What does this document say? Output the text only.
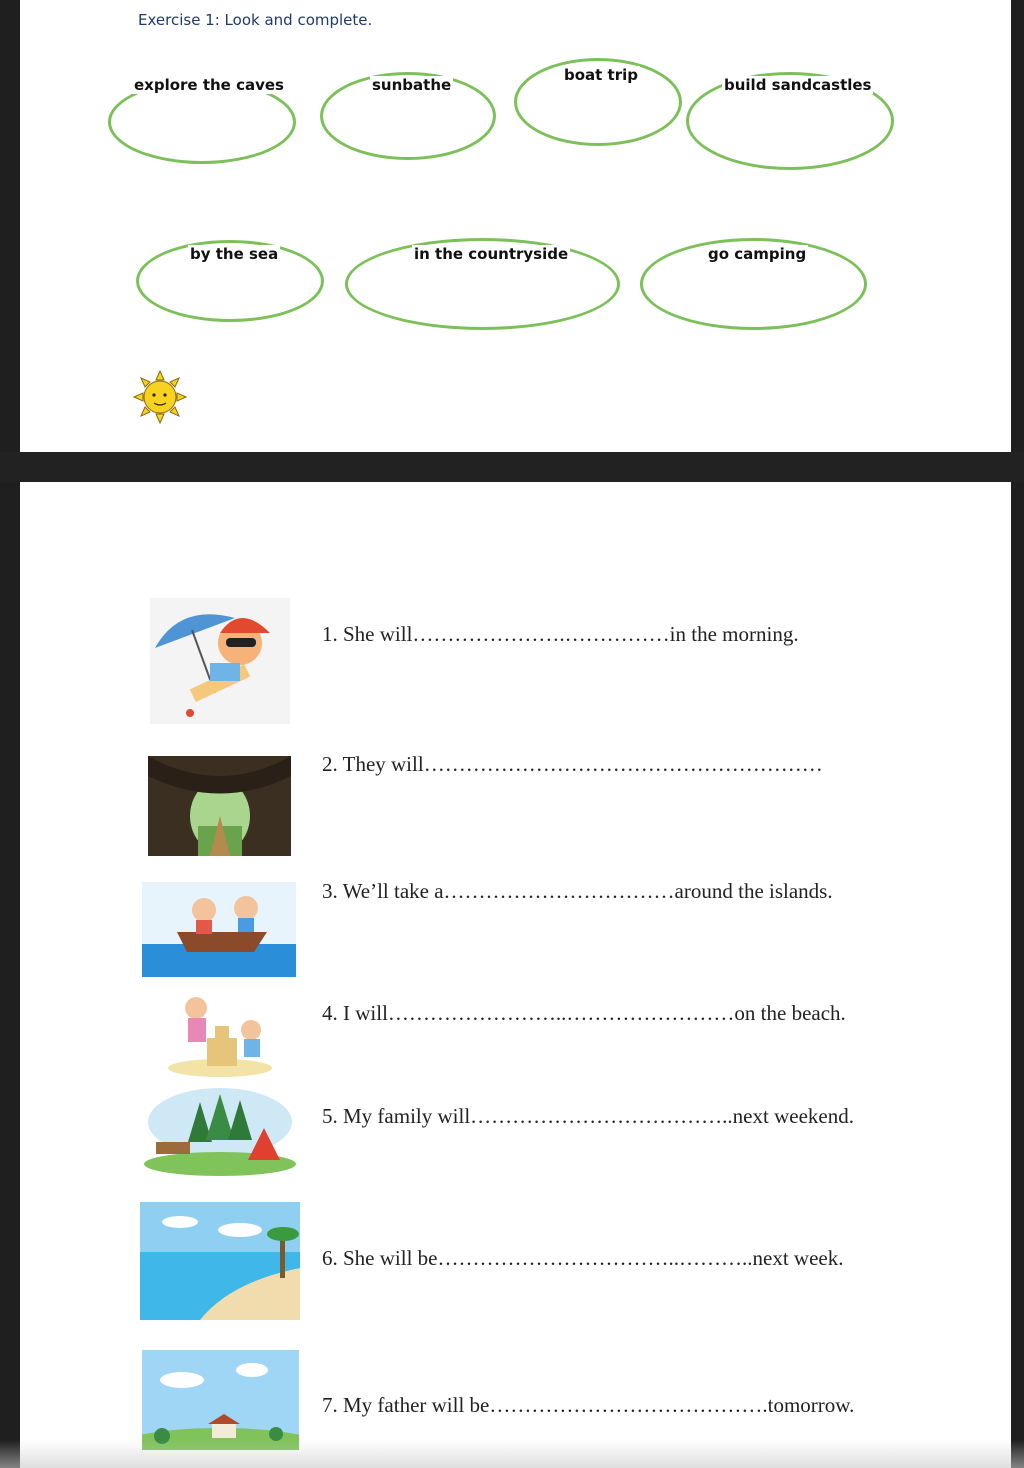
Exercise 1: Look and complete.
explore the caves	sunbathe
boat trip
build sandcastles
by the sea	in the countryside	go camping
1. She will………………….……………in the morning.
2. They will…………………………………………………
3. We’ll take a……………………………around the islands.
4. I will……………………..……………………on the beach.
5. My family will………………………………..next weekend.
6. She will be……………………………..………..next week.
7. My father will be………………………………….tomorrow.
